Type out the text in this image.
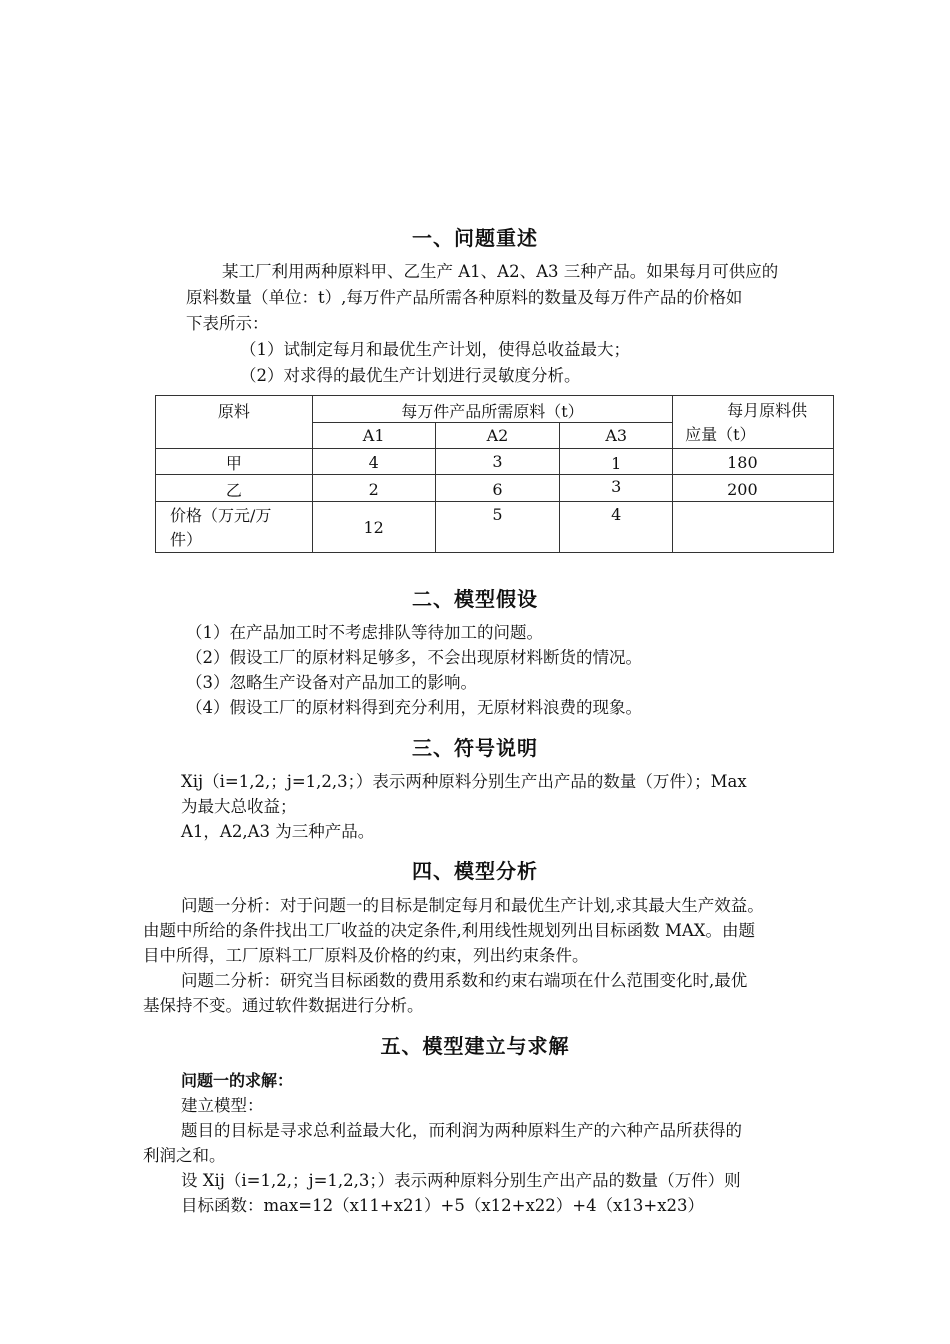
一、问题重述
某工厂利用两种原料甲、乙生产 A1、A2、A3 三种产品。如果每月可供应的
原料数量（单位：t）,每万件产品所需各种原料的数量及每万件产品的价格如
下表所示：
（1）试制定每月和最优生产计划，使得总收益最大；
（2）对求得的最优生产计划进行灵敏度分析。
原料	每万件产品所需原料（t）			每月原料供
应量（t）

	A1	A2	A3	
甲	4	3	1	180
乙	2	6	3	200

价格（万元/万
件）	12	5	4	
二、模型假设
（1）在产品加工时不考虑排队等待加工的问题。
（2）假设工厂的原材料足够多，不会出现原材料断货的情况。
（3）忽略生产设备对产品加工的影响。
（4）假设工厂的原材料得到充分利用，无原材料浪费的现象。
三、符号说明
Xij（i=1,2,；j=1,2,3；）表示两种原料分别生产出产品的数量（万件）；Max
为最大总收益；
A1，A2,A3 为三种产品。
四、模型分析
问题一分析：对于问题一的目标是制定每月和最优生产计划,求其最大生产效益。
由题中所给的条件找出工厂收益的决定条件,利用线性规划列出目标函数 MAX。由题
目中所得，工厂原料工厂原料及价格的约束，列出约束条件。
问题二分析：研究当目标函数的费用系数和约束右端项在什么范围变化时,最优
基保持不变。通过软件数据进行分析。
五、模型建立与求解
问题一的求解：
建立模型：
题目的目标是寻求总利益最大化，而利润为两种原料生产的六种产品所获得的
利润之和。
设 Xij（i=1,2,；j=1,2,3；）表示两种原料分别生产出产品的数量（万件）则
目标函数：max=12（x11+x21）+5（x12+x22）+4（x13+x23）
